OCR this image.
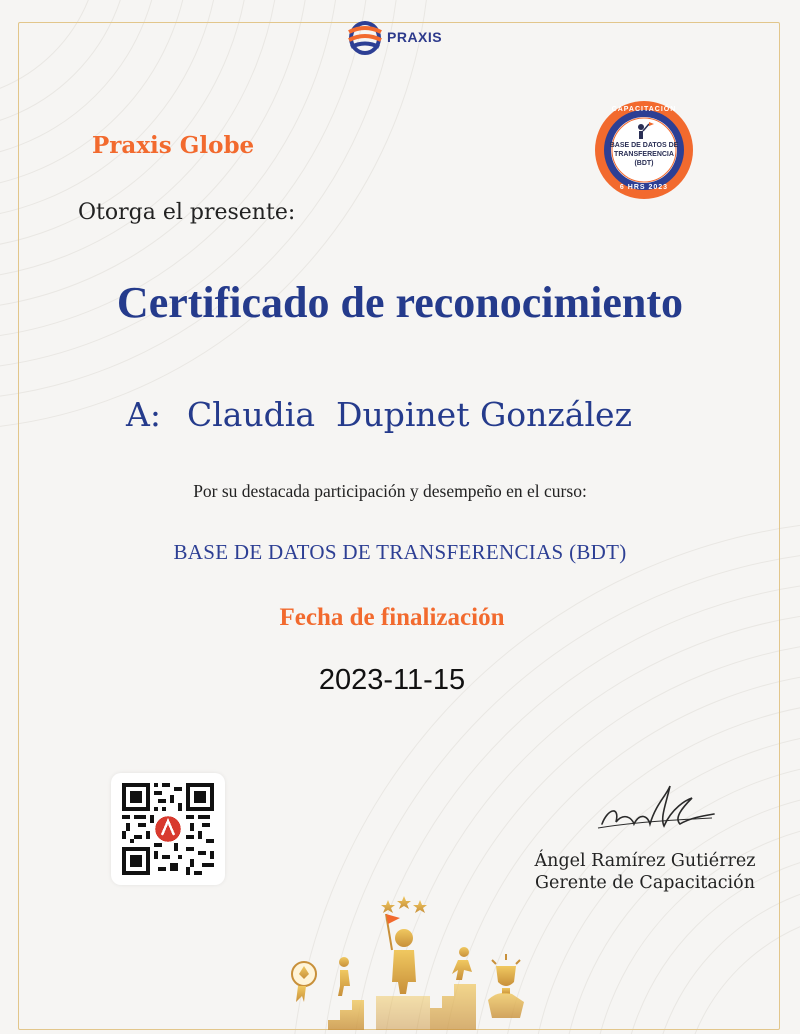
PRAXIS
CAPACITACIÓN
BASE DE DATOS DE
TRANSFERENCIA
(BDT)
6 HRS 2023
Praxis Globe
Otorga el presente:
Certificado de reconocimiento
A: Claudia  Dupinet González
Por su destacada participación y desempeño en el curso:
BASE DE DATOS DE TRANSFERENCIAS (BDT)
Fecha de finalización
2023-11-15
Ángel Ramírez Gutiérrez
Gerente de Capacitación
